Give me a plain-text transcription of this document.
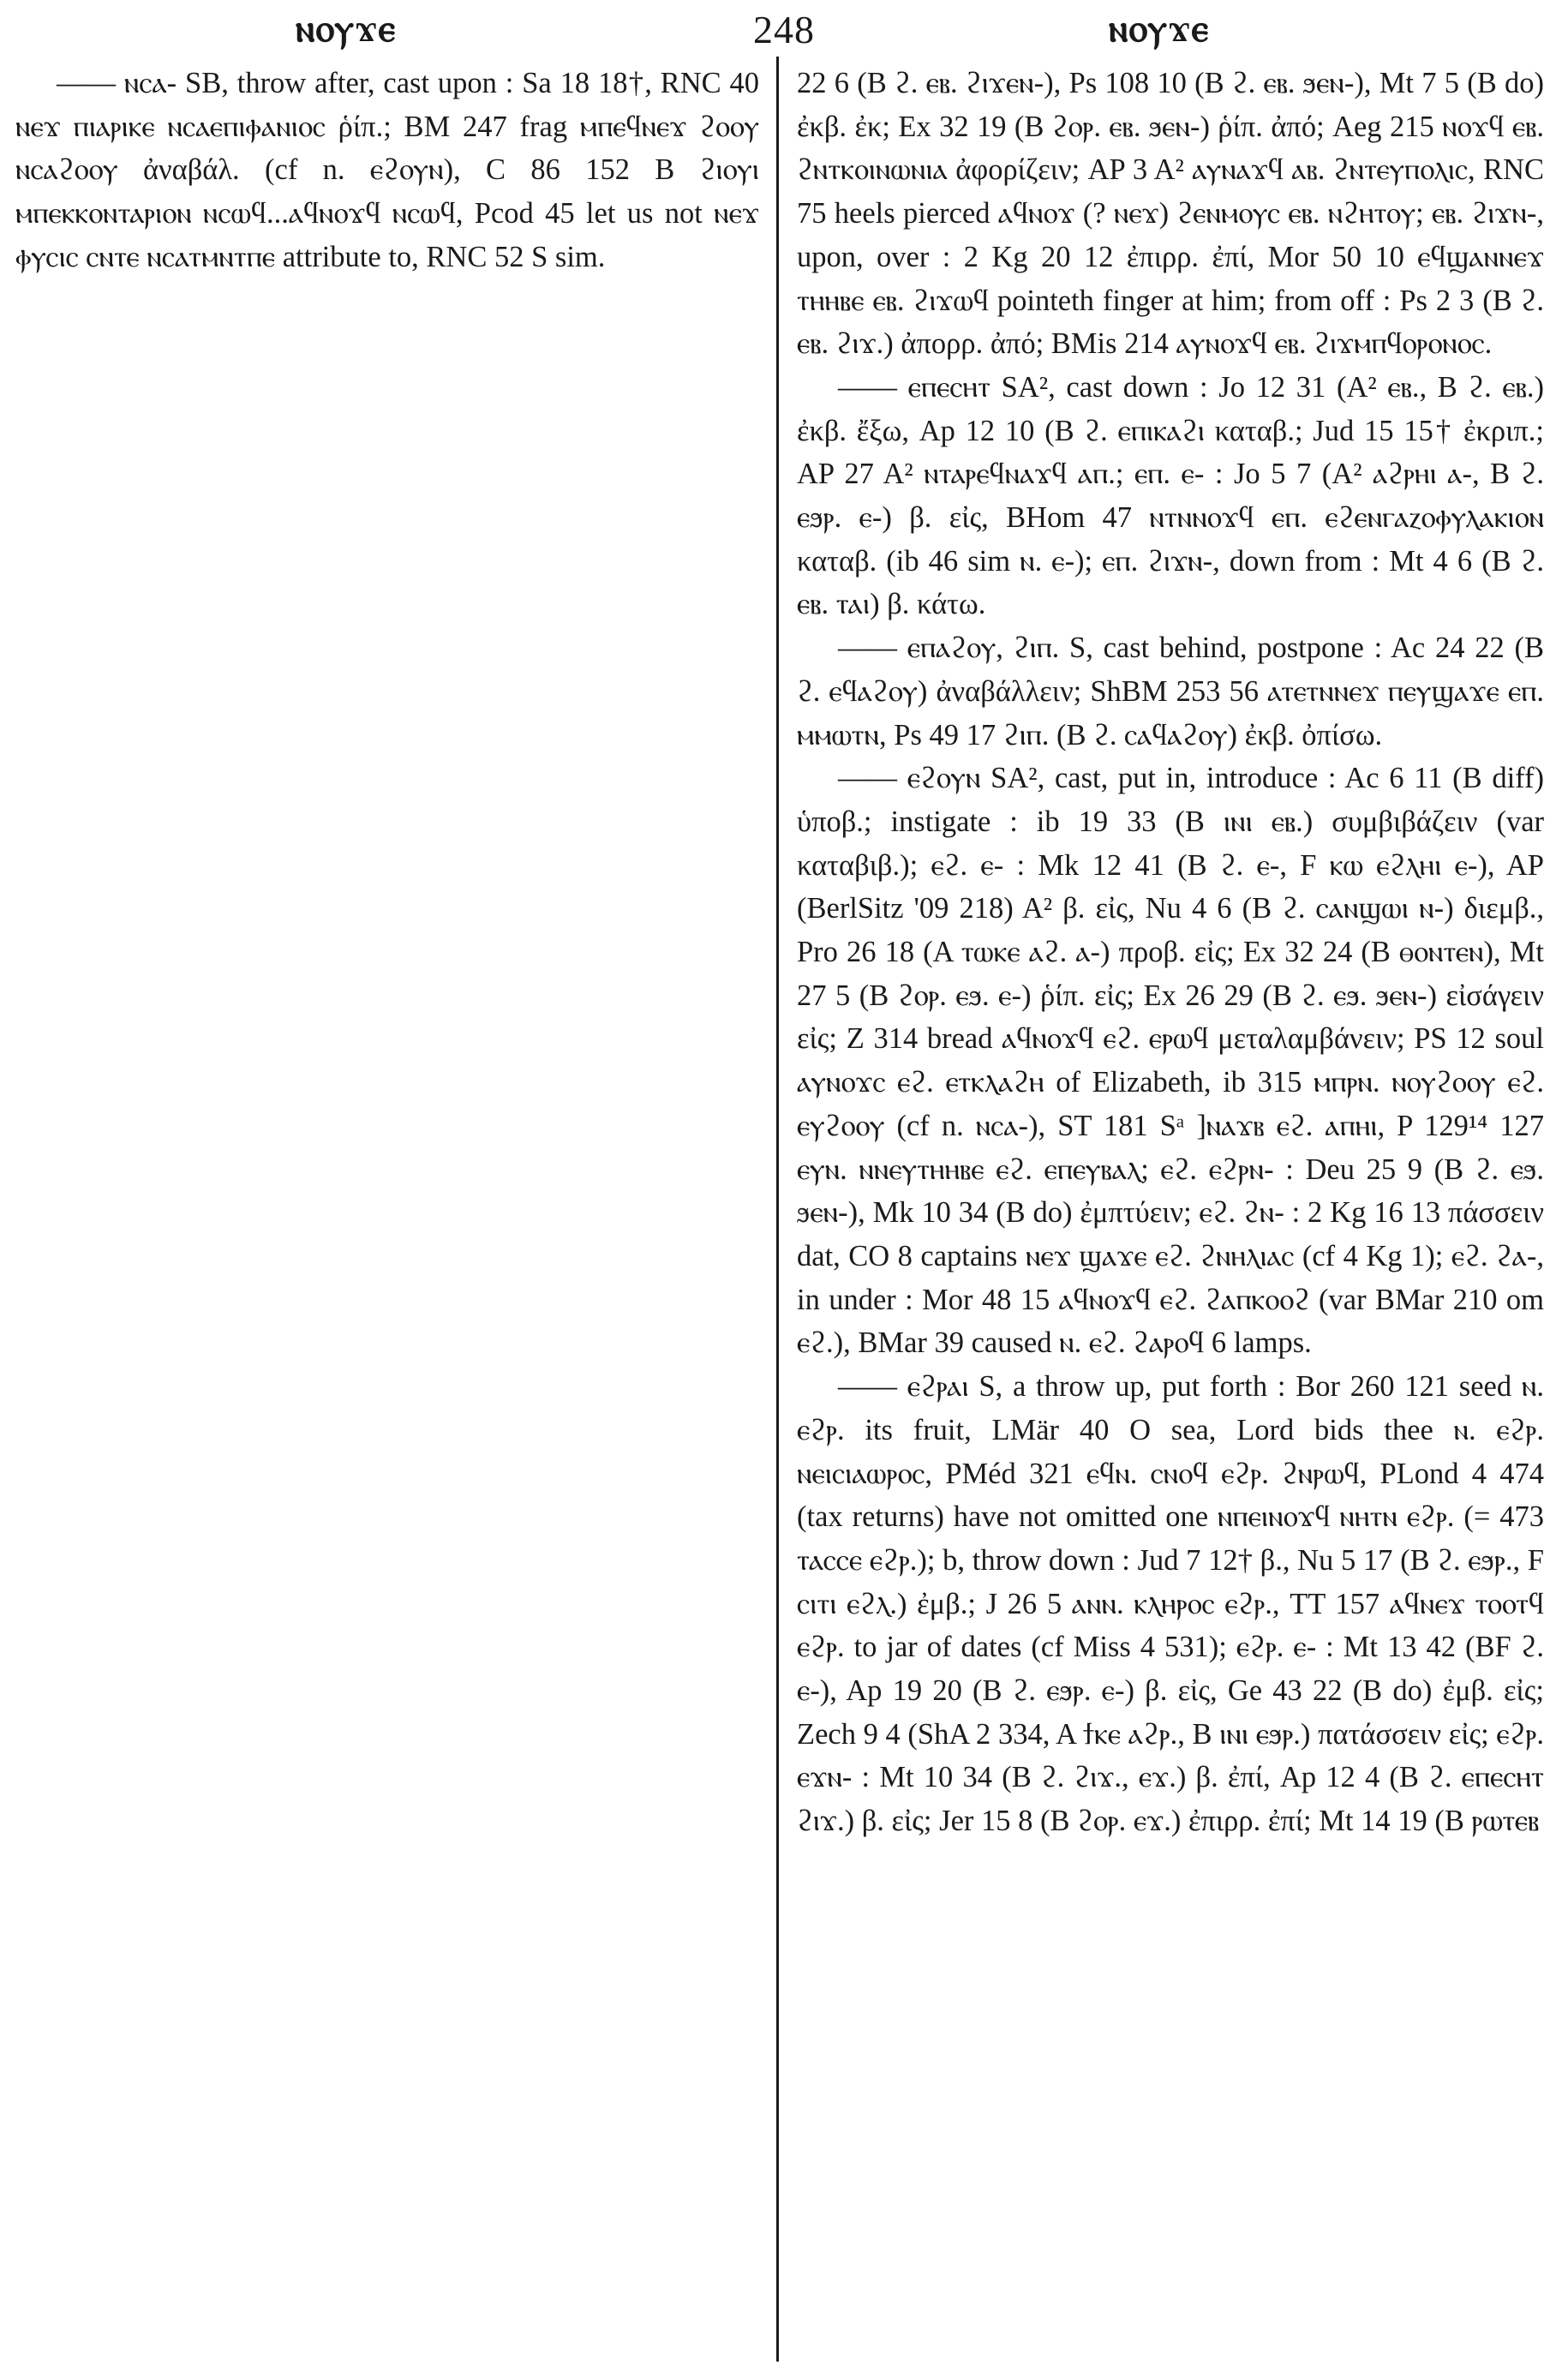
ⲛⲟⲩϫⲉ	248	ⲛⲟⲩϫⲉ

—— ⲛⲥⲁ- SB, throw after, cast upon : Sa 18 18†, RNC 40 ⲛⲉϫ ⲡⲓⲁⲣⲓⲕⲉ ⲛⲥⲁⲉⲡⲓⲫⲁⲛⲓⲟⲥ ῥίπ.; BM 247 frag ⲙⲡⲉϥⲛⲉϫ ϩⲟⲟⲩ ⲛⲥⲁϩⲟⲟⲩ ἀναβάλ. (cf n. ⲉϩⲟⲩⲛ), C 86 152 B ϩⲓⲟⲩⲓ ⲙⲡⲉⲕⲕⲟⲛⲧⲁⲣⲓⲟⲛ ⲛⲥⲱϥ...ⲁϥⲛⲟϫϥ ⲛⲥⲱϥ, Pcod 45 let us not ⲛⲉϫ ⲫⲩⲥⲓⲥ ⲥⲛⲧⲉ ⲛⲥⲁⲧⲙⲛⲧⲡⲉ attribute to, RNC 52 S sim.

22 6 (B ϩ. ⲉⲃ. ϩⲓϫⲉⲛ-), Ps 108 10 (B ϩ. ⲉⲃ. ϧⲉⲛ-), Mt 7 5 (B do) ἐκβ. ἐκ; Ex 32 19 (B ϩⲟⲣ. ⲉⲃ. ϧⲉⲛ-) ῥίπ. ἀπό; Aeg 215 ⲛⲟϫϥ ⲉⲃ. ϩⲛⲧⲕⲟⲓⲛⲱⲛⲓⲁ ἀφορίζειν; AP 3 A² ⲁⲩⲛⲁϫϥ ⲁⲃ. ϩⲛⲧⲉⲩⲡⲟⲗⲓⲥ, RNC 75 heels pierced ⲁϥⲛⲟϫ (? ⲛⲉϫ) ϩⲉⲛⲙⲟⲩⲥ ⲉⲃ. ⲛϩⲏⲧⲟⲩ; ⲉⲃ. ϩⲓϫⲛ-, upon, over : 2 Kg 20 12 ἐπιρρ. ἐπί, Mor 50 10 ⲉϥϣⲁⲛⲛⲉϫ ⲧⲏⲏⲃⲉ ⲉⲃ. ϩⲓϫⲱϥ pointeth finger at him; from off : Ps 2 3 (B ϩ. ⲉⲃ. ϩⲓϫ.) ἀπορρ. ἀπό; BMis 214 ⲁⲩⲛⲟϫϥ ⲉⲃ. ϩⲓϫⲙⲡϥⲟⲣⲟⲛⲟⲥ.

—— ⲉⲡⲉⲥⲏⲧ SA², cast down : Jo 12 31 (A² ⲉⲃ., B ϩ. ⲉⲃ.) ἐκβ. ἔξω, Ap 12 10 (B ϩ. ⲉⲡⲓⲕⲁϩⲓ καταβ.; Jud 15 15† ἐκριπ.; AP 27 A² ⲛⲧⲁⲣⲉϥⲛⲁϫϥ ⲁⲡ.; ⲉⲡ. ⲉ- : Jo 5 7 (A² ⲁϩⲣⲏⲓ ⲁ-, B ϩ. ⲉϧⲣ. ⲉ-) β. εἰς, BHom 47 ⲛⲧⲛⲛⲟϫϥ ⲉⲡ. ⲉϩⲉⲛⲅⲁⲍⲟⲫⲩⲗⲁⲕⲓⲟⲛ καταβ. (ib 46 sim ⲛ. ⲉ-); ⲉⲡ. ϩⲓϫⲛ-, down from : Mt 4 6 (B ϩ. ⲉⲃ. ⲧⲁⲓ) β. κάτω.

—— ⲉⲡⲁϩⲟⲩ, ϩⲓⲡ. S, cast behind, postpone : Ac 24 22 (B ϩ. ⲉϥⲁϩⲟⲩ) ἀναβάλλειν; ShBM 253 56 ⲁⲧⲉⲧⲛⲛⲉϫ ⲡⲉⲩϣⲁϫⲉ ⲉⲡ. ⲙⲙⲱⲧⲛ, Ps 49 17 ϩⲓⲡ. (B ϩ. ⲥⲁϥⲁϩⲟⲩ) ἐκβ. ὀπίσω.

—— ⲉϩⲟⲩⲛ SA², cast, put in, introduce : Ac 6 11 (B diff) ὑποβ.; instigate : ib 19 33 (B ⲓⲛⲓ ⲉⲃ.) συμβιβάζειν (var καταβιβ.); ⲉϩ. ⲉ- : Mk 12 41 (B ϩ. ⲉ-, F ⲕⲱ ⲉϩⲗⲏⲓ ⲉ-), AP (BerlSitz '09 218) A² β. εἰς, Nu 4 6 (B ϩ. ⲥⲁⲛϣⲱⲓ ⲛ-) διεμβ., Pro 26 18 (A ⲧⲱⲕⲉ ⲁϩ. ⲁ-) προβ. εἰς; Ex 32 24 (B ⲑⲟⲛⲧⲉⲛ), Mt 27 5 (B ϩⲟⲣ. ⲉϧ. ⲉ-) ῥίπ. εἰς; Ex 26 29 (B ϩ. ⲉϧ. ϧⲉⲛ-) εἰσάγειν εἰς; Z 314 bread ⲁϥⲛⲟϫϥ ⲉϩ. ⲉⲣⲱϥ μεταλαμβάνειν; PS 12 soul ⲁⲩⲛⲟϫⲥ ⲉϩ. ⲉⲧⲕⲗⲁϩⲏ of Elizabeth, ib 315 ⲙⲡⲣⲛ. ⲛⲟⲩϩⲟⲟⲩ ⲉϩ. ⲉⲩϩⲟⲟⲩ (cf n. ⲛⲥⲁ-), ST 181 Sᵃ ]ⲛⲁϫⲃ ⲉϩ. ⲁⲡⲏⲓ, P 129¹⁴ 127 ⲉⲩⲛ. ⲛⲛⲉⲩⲧⲏⲏⲃⲉ ⲉϩ. ⲉⲡⲉⲩⲃⲁⲗ; ⲉϩ. ⲉϩⲣⲛ- : Deu 25 9 (B ϩ. ⲉϧ. ϧⲉⲛ-), Mk 10 34 (B do) ἐμπτύειν; ⲉϩ. ϩⲛ- : 2 Kg 16 13 πάσσειν dat, CO 8 captains ⲛⲉϫ ϣⲁϫⲉ ⲉϩ. ϩⲛⲏⲗⲓⲁⲥ (cf 4 Kg 1); ⲉϩ. ϩⲁ-, in under : Mor 48 15 ⲁϥⲛⲟϫϥ ⲉϩ. ϩⲁⲡⲕⲟⲟϩ (var BMar 210 om ⲉϩ.), BMar 39 caused ⲛ. ⲉϩ. ϩⲁⲣⲟϥ 6 lamps.

—— ⲉϩⲣⲁⲓ S, a throw up, put forth : Bor 260 121 seed ⲛ. ⲉϩⲣ. its fruit, LMär 40 O sea, Lord bids thee ⲛ. ⲉϩⲣ. ⲛⲉⲓⲥⲓⲁⲱⲣⲟⲥ, PMéd 321 ⲉϥⲛ. ⲥⲛⲟϥ ⲉϩⲣ. ϩⲛⲣⲱϥ, PLond 4 474 (tax returns) have not omitted one ⲛⲡⲉⲓⲛⲟϫϥ ⲛⲏⲧⲛ ⲉϩⲣ. (= 473 ⲧⲁⲥⲥⲉ ⲉϩⲣ.); b, throw down : Jud 7 12† β., Nu 5 17 (B ϩ. ⲉϧⲣ., F ⲥⲓⲧⲓ ⲉϩⲗ.) ἐμβ.; J 26 5 ⲁⲛⲛ. ⲕⲗⲏⲣⲟⲥ ⲉϩⲣ., TT 157 ⲁϥⲛⲉϫ ⲧⲟⲟⲧϥ ⲉϩⲣ. to jar of dates (cf Miss 4 531); ⲉϩⲣ. ⲉ- : Mt 13 42 (BF ϩ. ⲉ-), Ap 19 20 (B ϩ. ⲉϧⲣ. ⲉ-) β. εἰς, Ge 43 22 (B do) ἐμβ. εἰς; Zech 9 4 (ShA 2 334, A ϯⲕⲉ ⲁϩⲣ., B ⲓⲛⲓ ⲉϧⲣ.) πατάσσειν εἰς; ⲉϩⲣ. ⲉϫⲛ- : Mt 10 34 (B ϩ. ϩⲓϫ., ⲉϫ.) β. ἐπί, Ap 12 4 (B ϩ. ⲉⲡⲉⲥⲏⲧ ϩⲓϫ.) β. εἰς; Jer 15 8 (B ϩⲟⲣ. ⲉϫ.) ἐπιρρ. ἐπί; Mt 14 19 (B ⲣⲱⲧⲉⲃ
